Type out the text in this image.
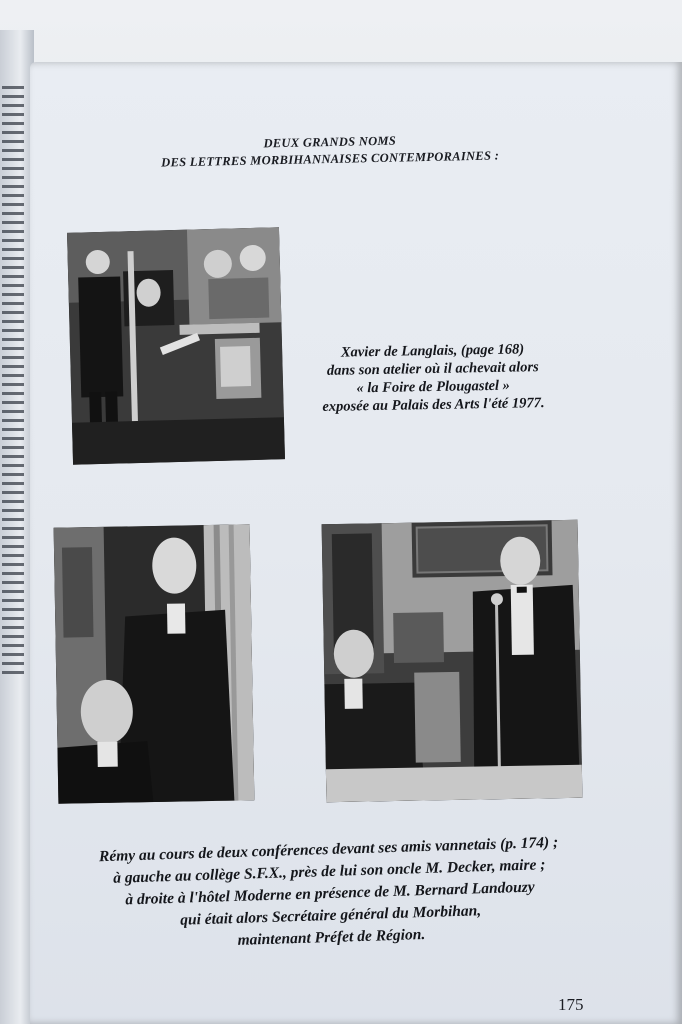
DEUX GRANDS NOMS
DES LETTRES MORBIHANNAISES CONTEMPORAINES :
Xavier de Langlais, (page 168)
dans son atelier où il achevait alors
« la Foire de Plougastel »
exposée au Palais des Arts l'été 1977.
Rémy au cours de deux conférences devant ses amis vannetais (p. 174) ;
à gauche au collège S.F.X., près de lui son oncle M. Decker, maire ;
à droite à l'hôtel Moderne en présence de M. Bernard Landouzy
qui était alors Secrétaire général du Morbihan,
maintenant Préfet de Région.
175
